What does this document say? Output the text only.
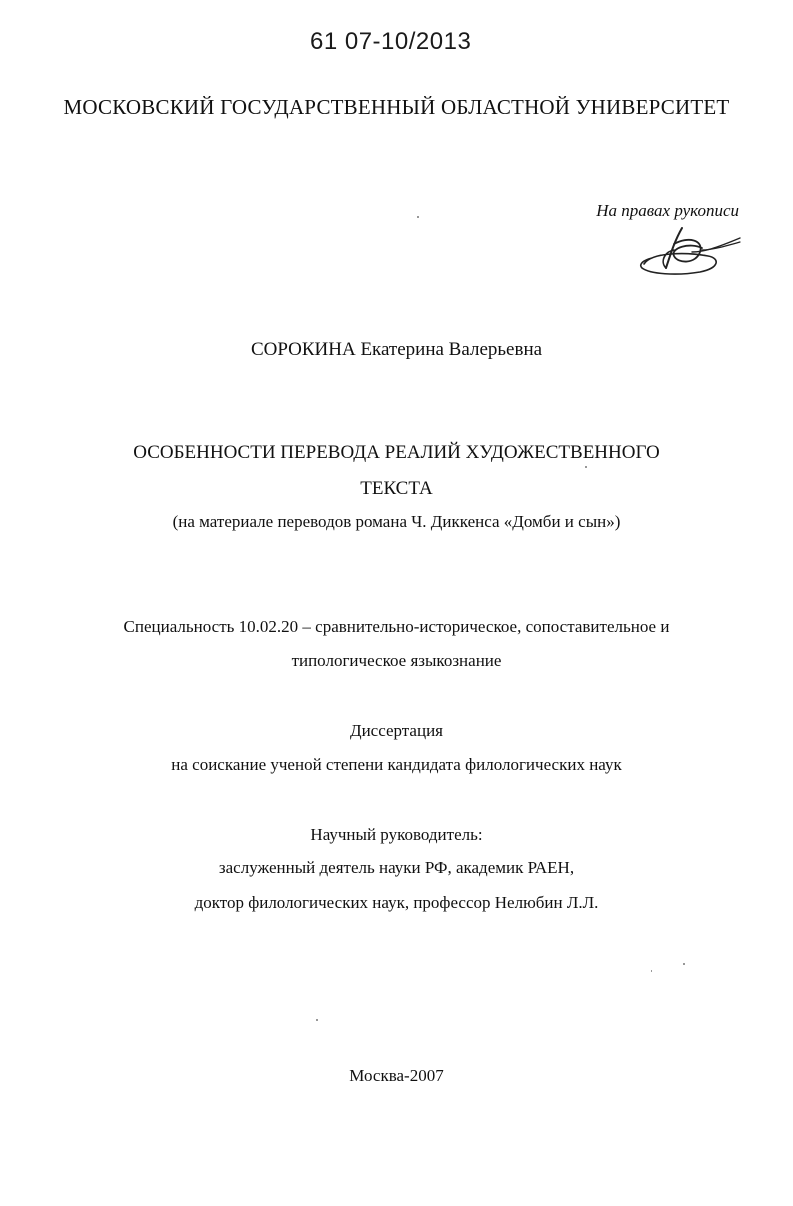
61 07-10/2013
МОСКОВСКИЙ ГОСУДАРСТВЕННЫЙ ОБЛАСТНОЙ УНИВЕРСИТЕТ
На правах рукописи
СОРОКИНА Екатерина Валерьевна
ОСОБЕННОСТИ ПЕРЕВОДА РЕАЛИЙ ХУДОЖЕСТВЕННОГО
ТЕКСТА
(на материале переводов романа Ч. Диккенса «Домби и сын»)
Специальность 10.02.20 – сравнительно-историческое, сопоставительное и
типологическое языкознание
Диссертация
на соискание ученой степени кандидата филологических наук
Научный руководитель:
заслуженный деятель науки РФ, академик РАЕН,
доктор филологических наук, профессор Нелюбин Л.Л.
Москва-2007
